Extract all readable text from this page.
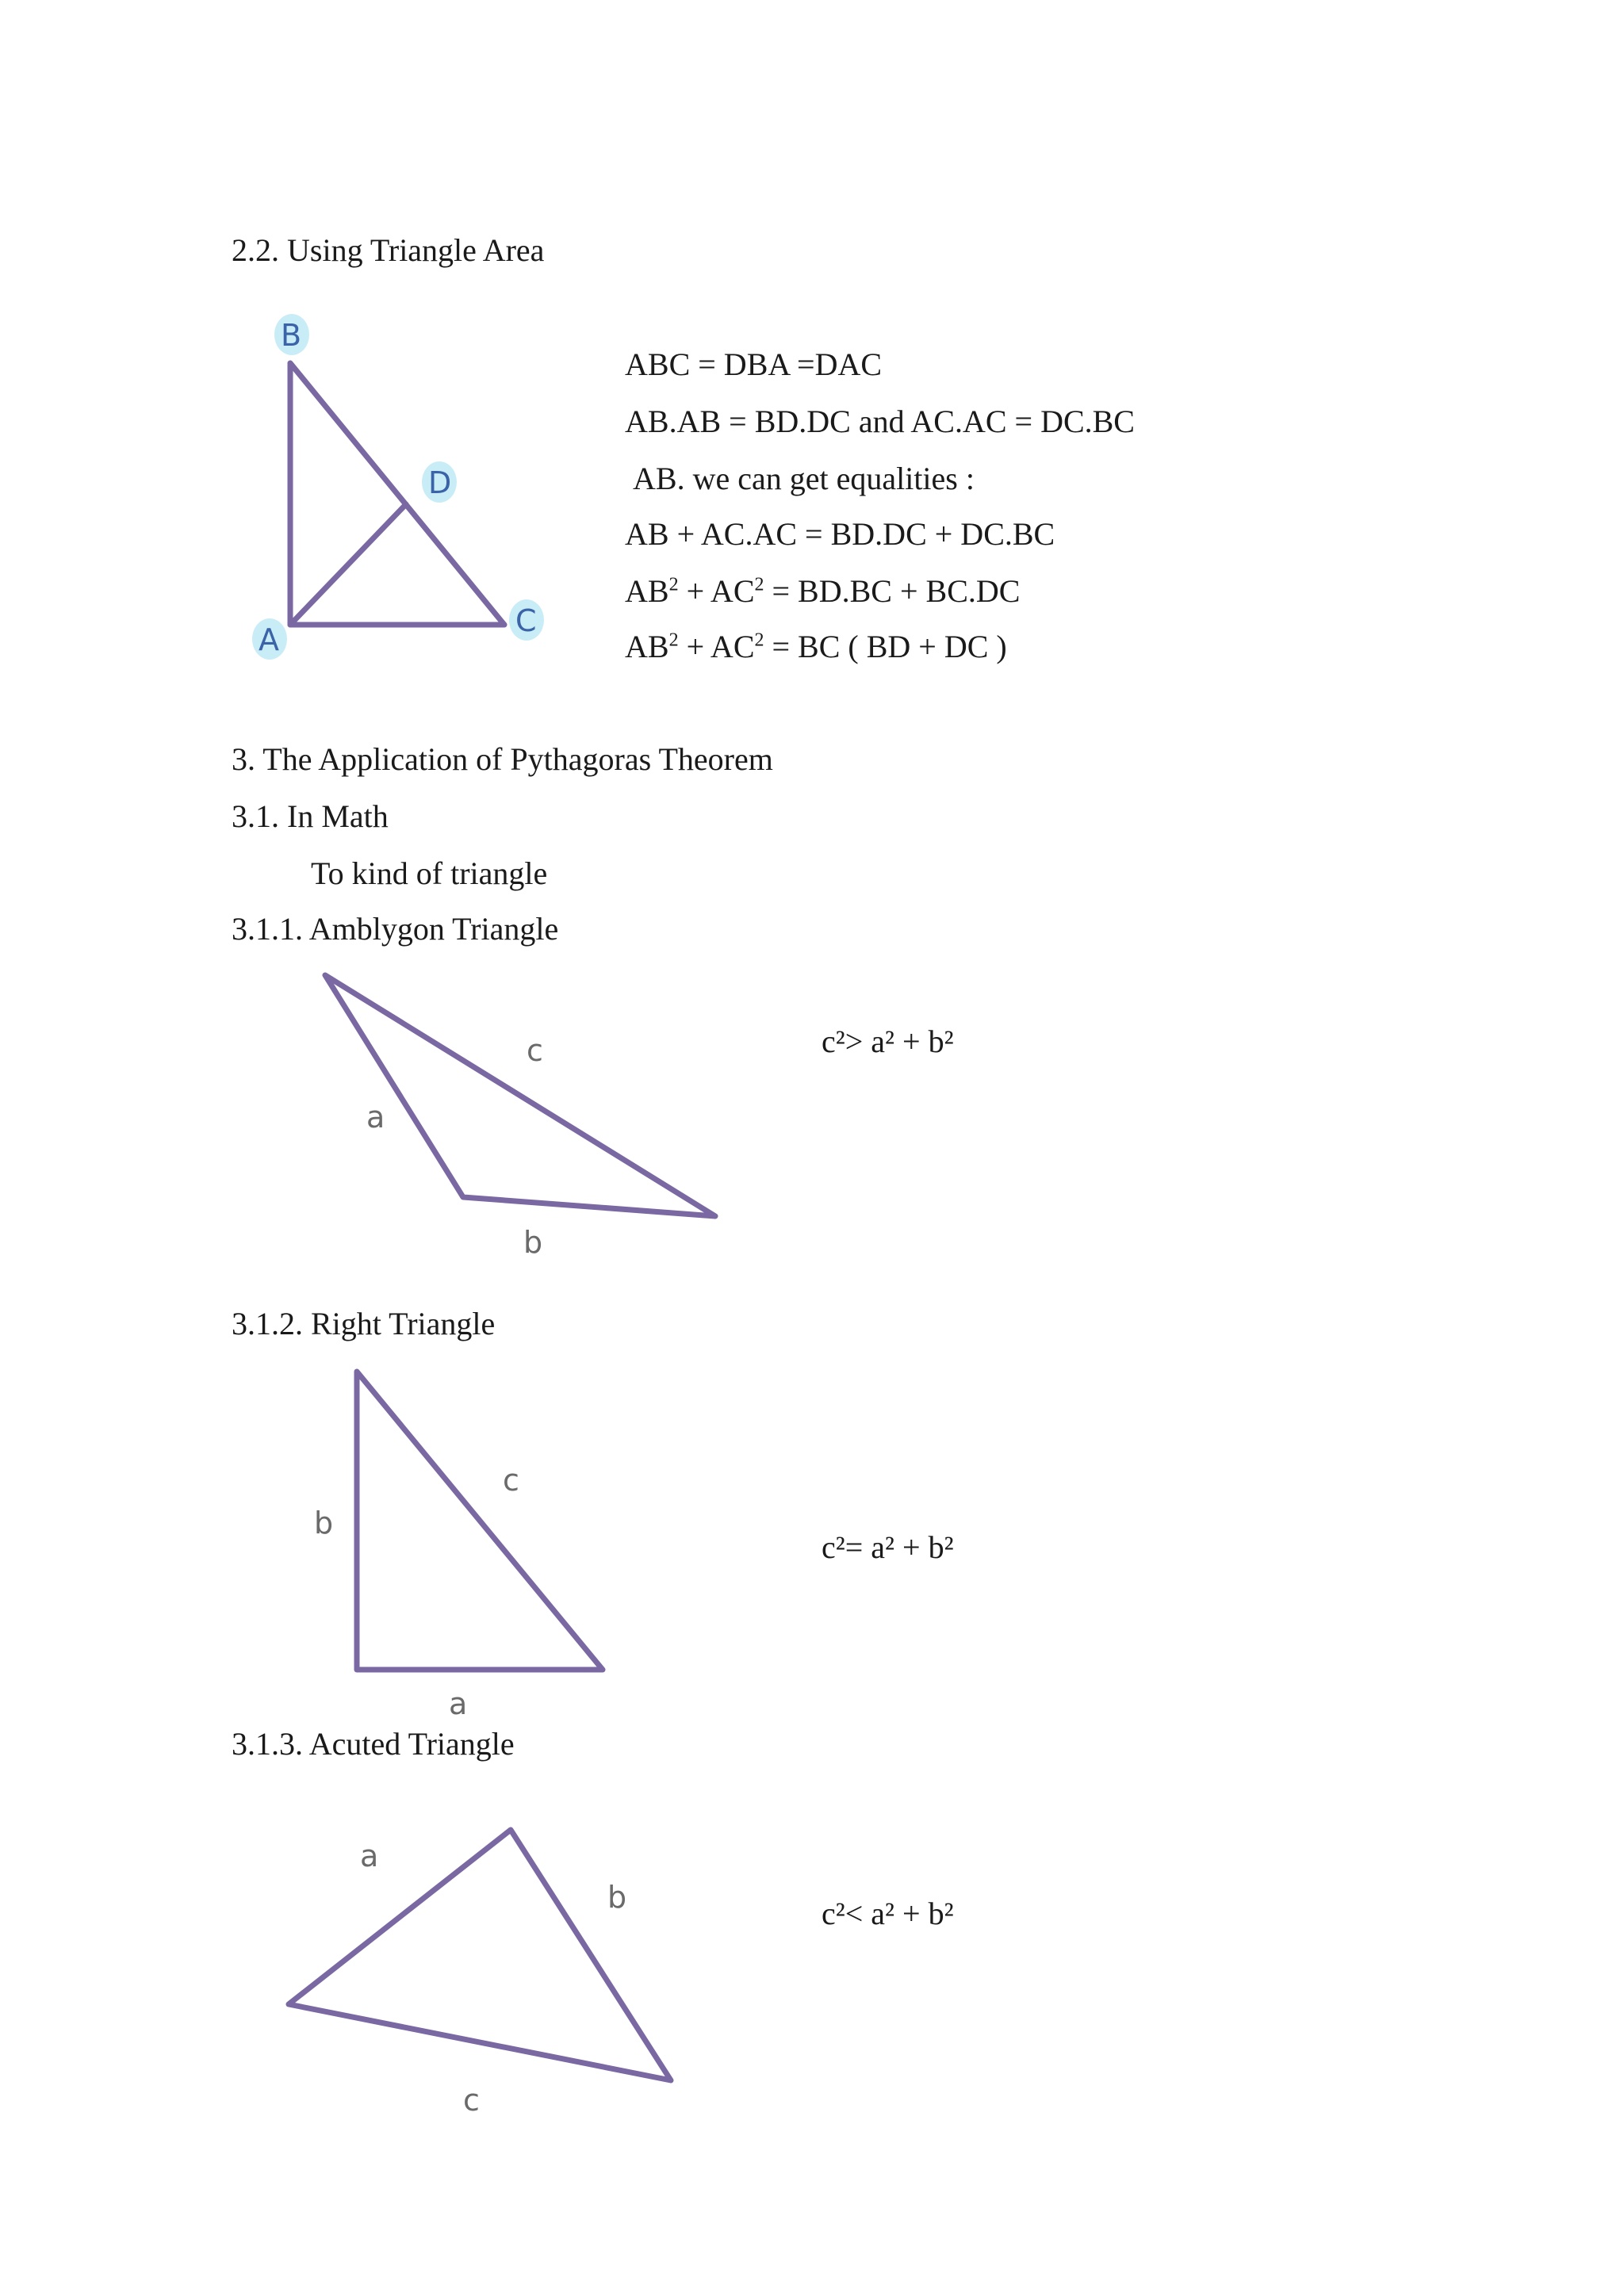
2.2. Using Triangle Area
B
D
A
C
ABC = DBA =DAC
AB.AB = BD.DC and AC.AC = DC.BC
AB. we can get equalities :
AB + AC.AC = BD.DC + DC.BC
$AB^2 + AC^2 = BD.BC + BC.DC$
$AB^2 + AC^2$ = BC ( BD + DC )
3. The Application of Pythagoras Theorem
3.1. In Math
To kind of triangle
3.1.1. Amblygon Triangle
a
b
c	c²> a² + b²
3.1.2. Right Triangle
a
b
c
c²= a² + b²
3.1.3. Acuted Triangle
a
b
c
c²< a² + b²
